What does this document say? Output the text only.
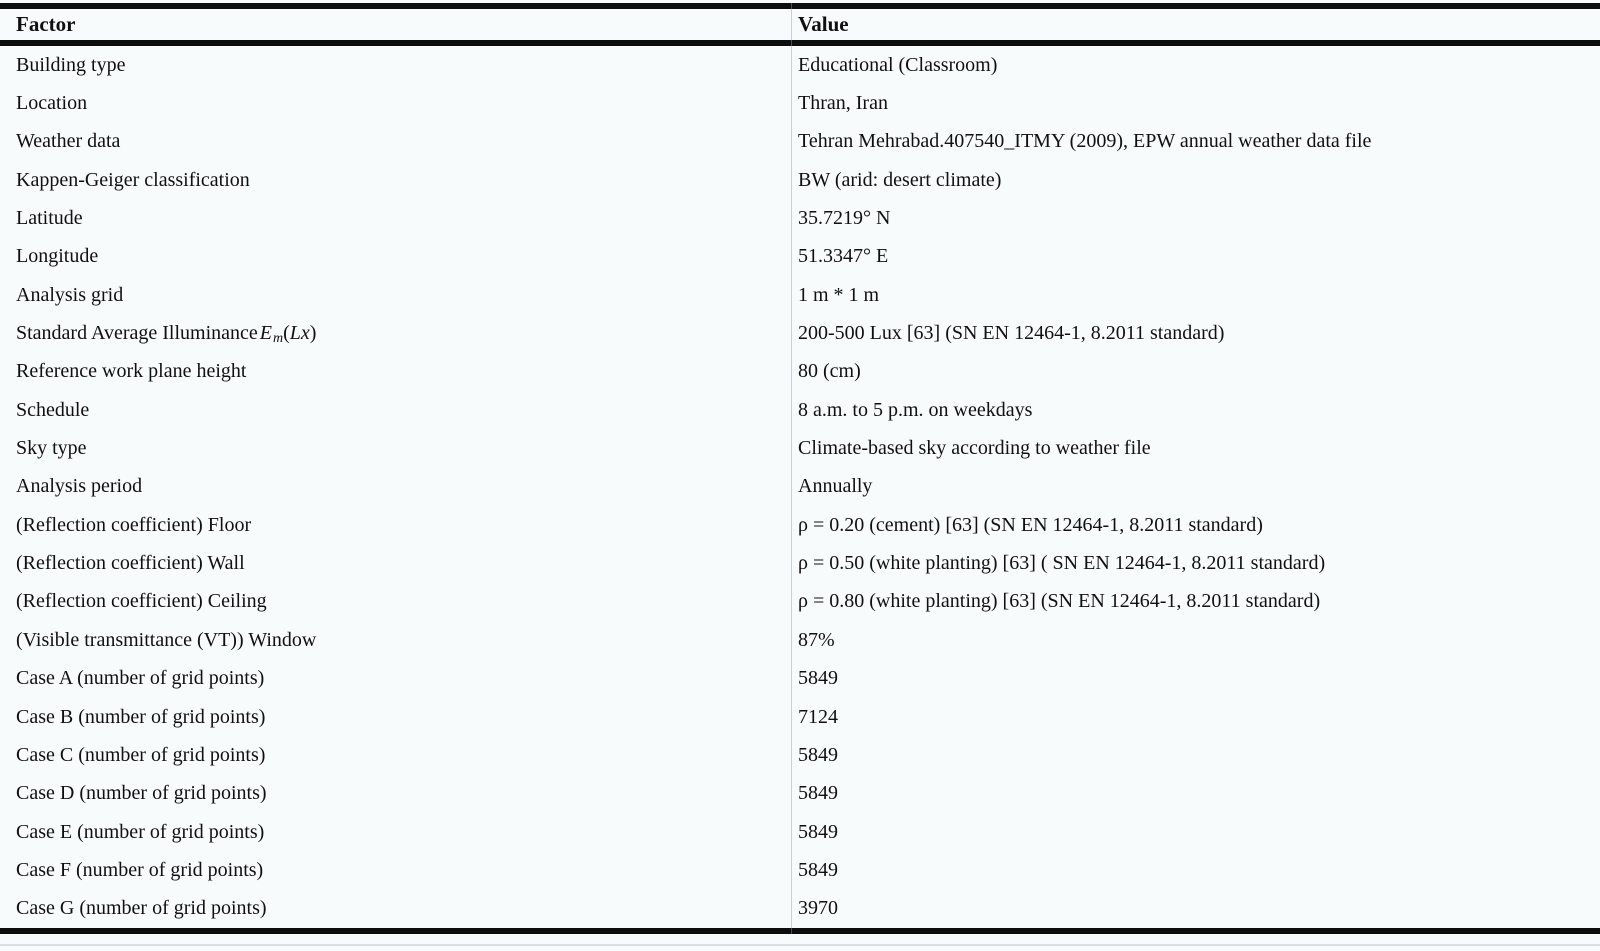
Factor	Value
Building type	Educational (Classroom)
Location	Thran, Iran
Weather data	Tehran Mehrabad.407540_ITMY (2009), EPW annual weather data file
Kappen-Geiger classification	BW (arid: desert climate)
Latitude	35.7219° N
Longitude	51.3347° E
Analysis grid	1 m * 1 m
Standard Average Illuminance $E_m$ (Lx)	200-500 Lux [63] (SN EN 12464-1, 8.2011 standard)
Reference work plane height	80 (cm)
Schedule	8 a.m. to 5 p.m. on weekdays
Sky type	Climate-based sky according to weather file
Analysis period	Annually
(Reflection coefficient) Floor	ρ = 0.20 (cement) [63] (SN EN 12464-1, 8.2011 standard)
(Reflection coefficient) Wall	ρ = 0.50 (white planting) [63] ( SN EN 12464-1, 8.2011 standard)
(Reflection coefficient) Ceiling	ρ = 0.80 (white planting) [63] (SN EN 12464-1, 8.2011 standard)
(Visible transmittance (VT)) Window	87%
Case A (number of grid points)	5849
Case B (number of grid points)	7124
Case C (number of grid points)	5849
Case D (number of grid points)	5849
Case E (number of grid points)	5849
Case F (number of grid points)	5849
Case G (number of grid points)	3970
